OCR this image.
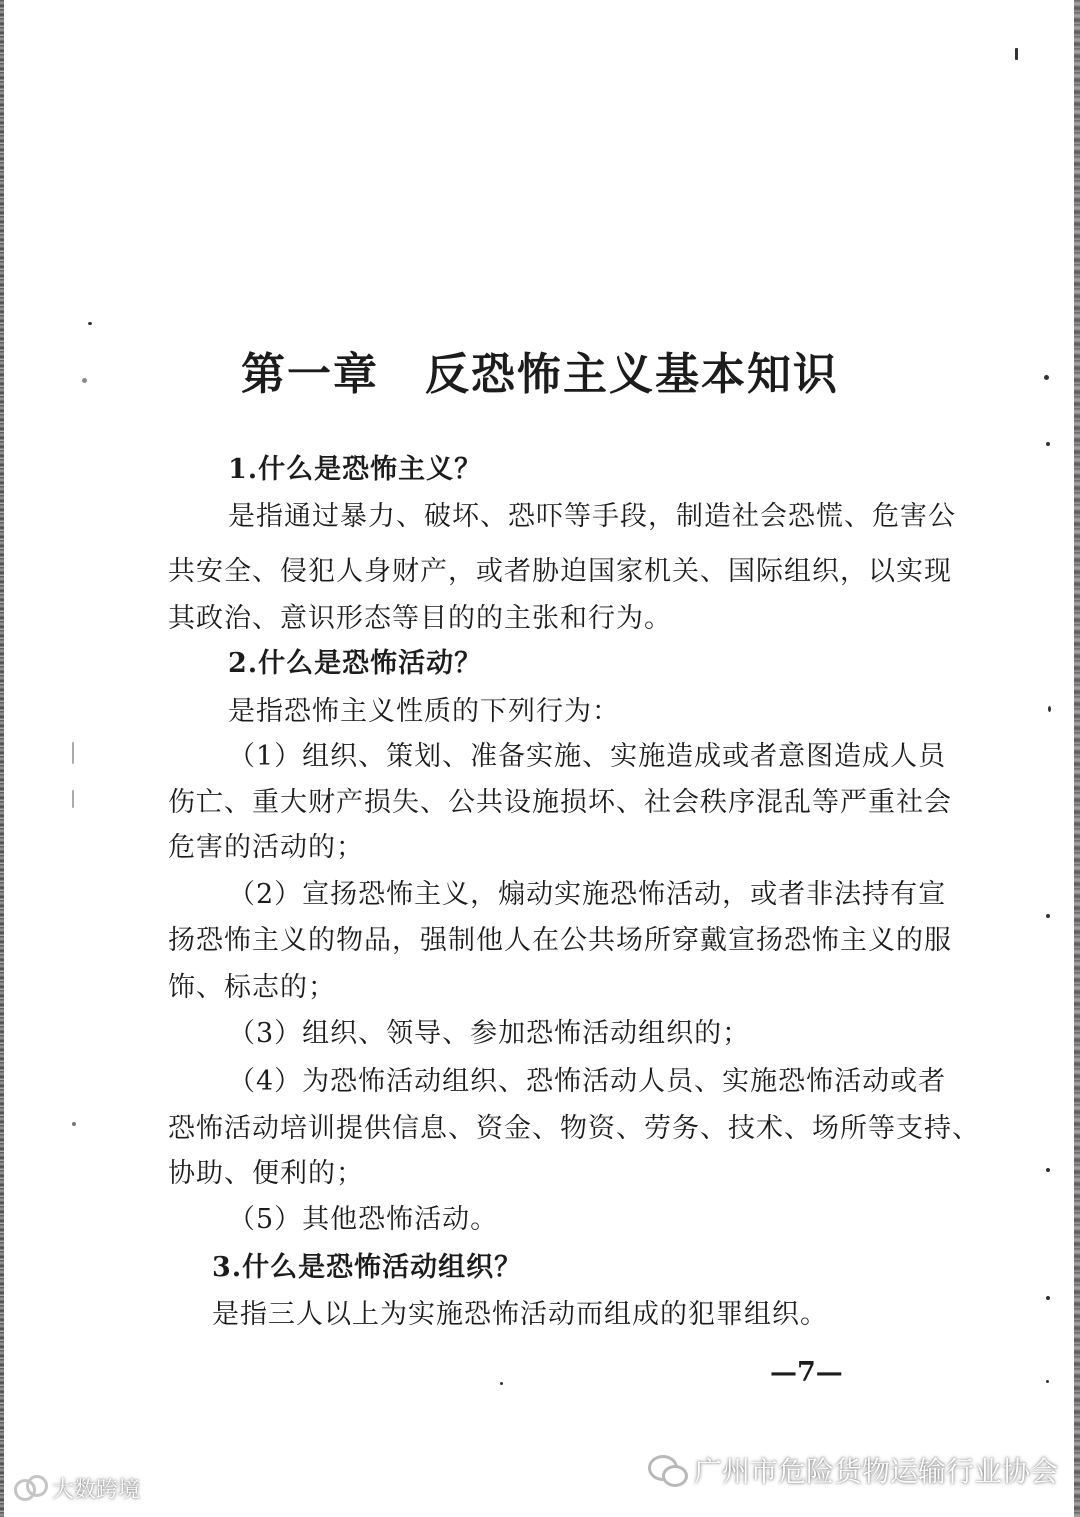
第一章　反恐怖主义基本知识
1.什么是恐怖主义？
是指通过暴力、破坏、恐吓等手段，制造社会恐慌、危害公
共安全、侵犯人身财产，或者胁迫国家机关、国际组织，以实现
其政治、意识形态等目的的主张和行为。
2.什么是恐怖活动？
是指恐怖主义性质的下列行为：
（1）组织、策划、准备实施、实施造成或者意图造成人员
伤亡、重大财产损失、公共设施损坏、社会秩序混乱等严重社会
危害的活动的；
（2）宣扬恐怖主义，煽动实施恐怖活动，或者非法持有宣
扬恐怖主义的物品，强制他人在公共场所穿戴宣扬恐怖主义的服
饰、标志的；
（3）组织、领导、参加恐怖活动组织的；
（4）为恐怖活动组织、恐怖活动人员、实施恐怖活动或者
恐怖活动培训提供信息、资金、物资、劳务、技术、场所等支持、
协助、便利的；
（5）其他恐怖活动。
3.什么是恐怖活动组织？
是指三人以上为实施恐怖活动而组成的犯罪组织。
—7—
广州市危险货物运输行业协会
大数跨境
